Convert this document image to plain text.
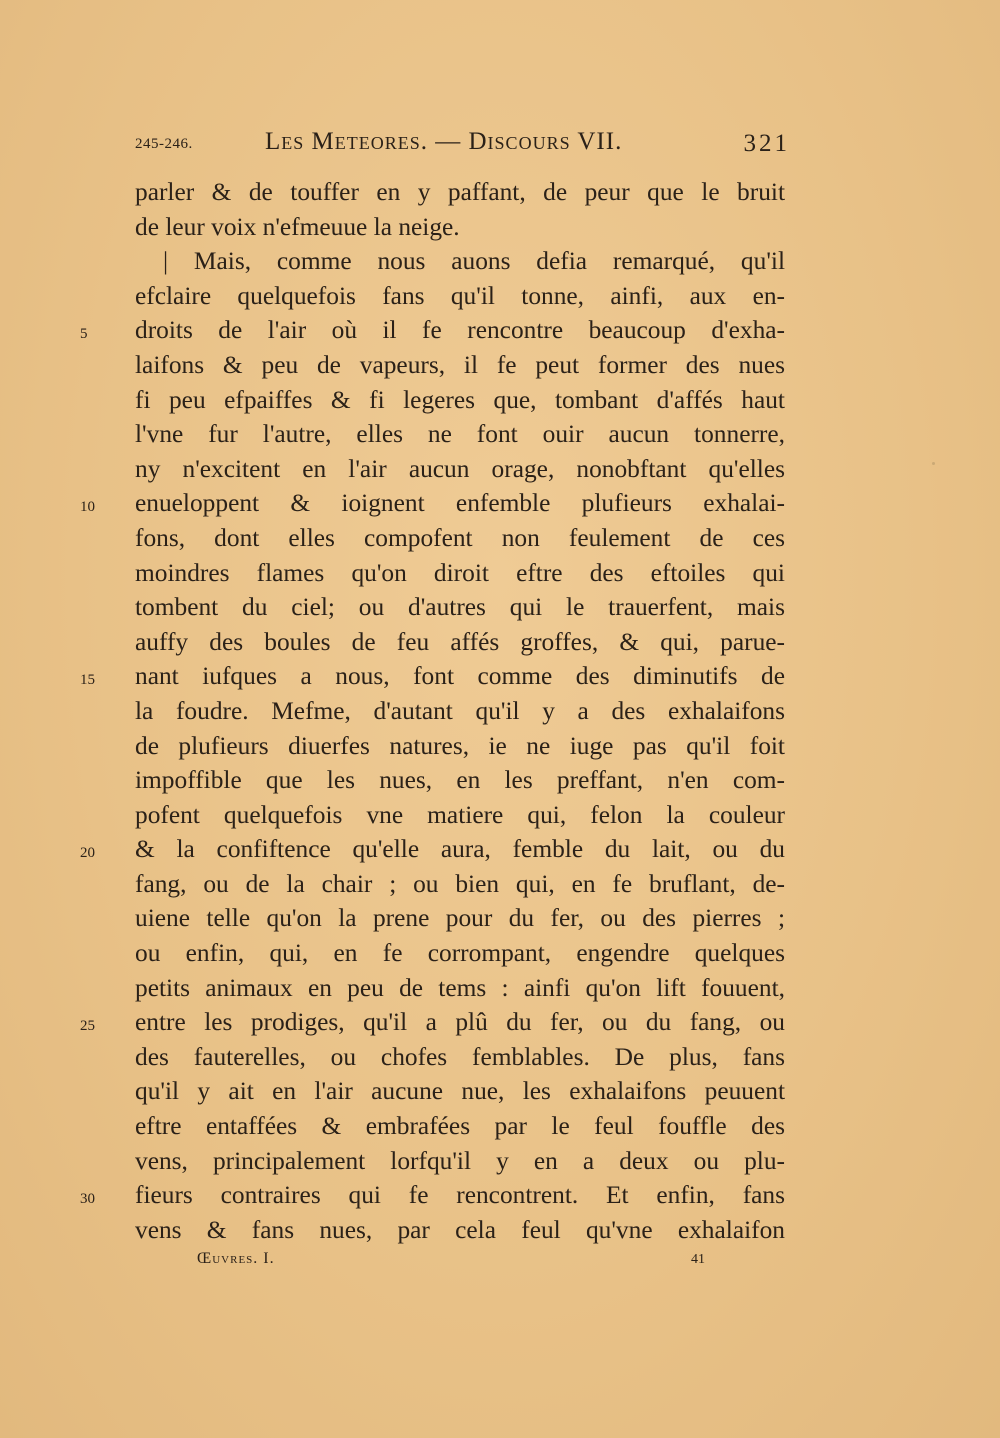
245-246.	Les Meteores. — Discours VII.	321
5
10
15
20
25
30
parler & de touffer en y paffant, de peur que le bruit
de leur voix n'efmeuue la neige.
| Mais, comme nous auons defia remarqué, qu'il
efclaire quelquefois fans qu'il tonne, ainfi, aux en-
droits de l'air où il fe rencontre beaucoup d'exha-
laifons & peu de vapeurs, il fe peut former des nues
fi peu efpaiffes & fi legeres que, tombant d'affés haut
l'vne fur l'autre, elles ne font ouir aucun tonnerre,
ny n'excitent en l'air aucun orage, nonobftant qu'elles
enueloppent & ioignent enfemble plufieurs exhalai-
fons, dont elles compofent non feulement de ces
moindres flames qu'on diroit eftre des eftoiles qui
tombent du ciel; ou d'autres qui le trauerfent, mais
auffy des boules de feu affés groffes, & qui, parue-
nant iufques a nous, font comme des diminutifs de
la foudre. Mefme, d'autant qu'il y a des exhalaifons
de plufieurs diuerfes natures, ie ne iuge pas qu'il foit
impoffible que les nues, en les preffant, n'en com-
pofent quelquefois vne matiere qui, felon la couleur
& la confiftence qu'elle aura, femble du lait, ou du
fang, ou de la chair ; ou bien qui, en fe bruflant, de-
uiene telle qu'on la prene pour du fer, ou des pierres ;
ou enfin, qui, en fe corrompant, engendre quelques
petits animaux en peu de tems : ainfi qu'on lift fouuent,
entre les prodiges, qu'il a plû du fer, ou du fang, ou
des fauterelles, ou chofes femblables. De plus, fans
qu'il y ait en l'air aucune nue, les exhalaifons peuuent
eftre entaffées & embrafées par le feul fouffle des
vens, principalement lorfqu'il y en a deux ou plu-
fieurs contraires qui fe rencontrent. Et enfin, fans
vens & fans nues, par cela feul qu'vne exhalaifon
Œuvres. I.	41
